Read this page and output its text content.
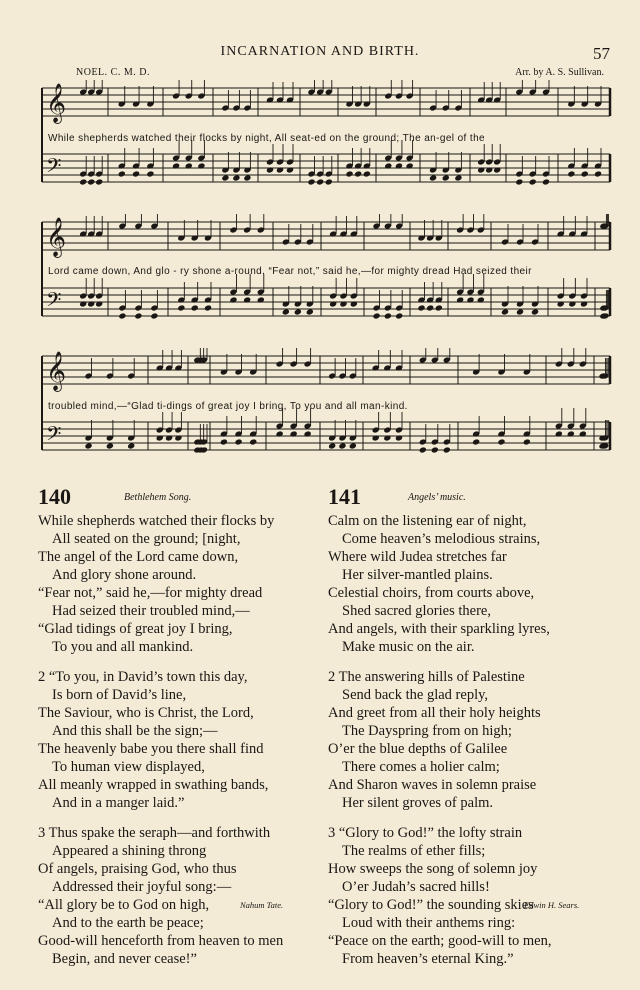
INCARNATION AND BIRTH.	57
NOEL. C. M. D.	Arr. by A. S. Sullivan.
𝄞
𝄢
While shepherds watched their flocks by night, All seat-ed on the ground; The an-gel of the
𝄞
𝄢
Lord came down, And glo - ry shone a-round. “Fear not,” said he,—for mighty dread Had seized their
𝄞
𝄢
troubled mind,—“Glad ti-dings of great joy I bring, To you and all man-kind.
140	Bethlehem Song.
While shepherds watched their flocks by
All seated on the ground; [night,
The angel of the Lord came down,
And glory shone around.
“Fear not,” said he,—for mighty dread
Had seized their troubled mind,—
“Glad tidings of great joy I bring,
To you and all mankind.
2 “To you, in David’s town this day,
Is born of David’s line,
The Saviour, who is Christ, the Lord,
And this shall be the sign;—
The heavenly babe you there shall find
To human view displayed,
All meanly wrapped in swathing bands,
And in a manger laid.”
3 Thus spake the seraph—and forthwith
Appeared a shining throng
Of angels, praising God, who thus
Addressed their joyful song:—
“All glory be to God on high,
And to the earth be peace;
Good-will henceforth from heaven to men
Begin, and never cease!”
Nahum Tate.
141	Angels’ music.
Calm on the listening ear of night,
Come heaven’s melodious strains,
Where wild Judea stretches far
Her silver-mantled plains.
Celestial choirs, from courts above,
Shed sacred glories there,
And angels, with their sparkling lyres,
Make music on the air.
2 The answering hills of Palestine
Send back the glad reply,
And greet from all their holy heights
The Dayspring from on high;
O’er the blue depths of Galilee
There comes a holier calm;
And Sharon waves in solemn praise
Her silent groves of palm.
3 “Glory to God!” the lofty strain
The realms of ether fills;
How sweeps the song of solemn joy
O’er Judah’s sacred hills!
“Glory to God!” the sounding skies
Loud with their anthems ring:
“Peace on the earth; good-will to men,
From heaven’s eternal King.”
Edwin H. Sears.
